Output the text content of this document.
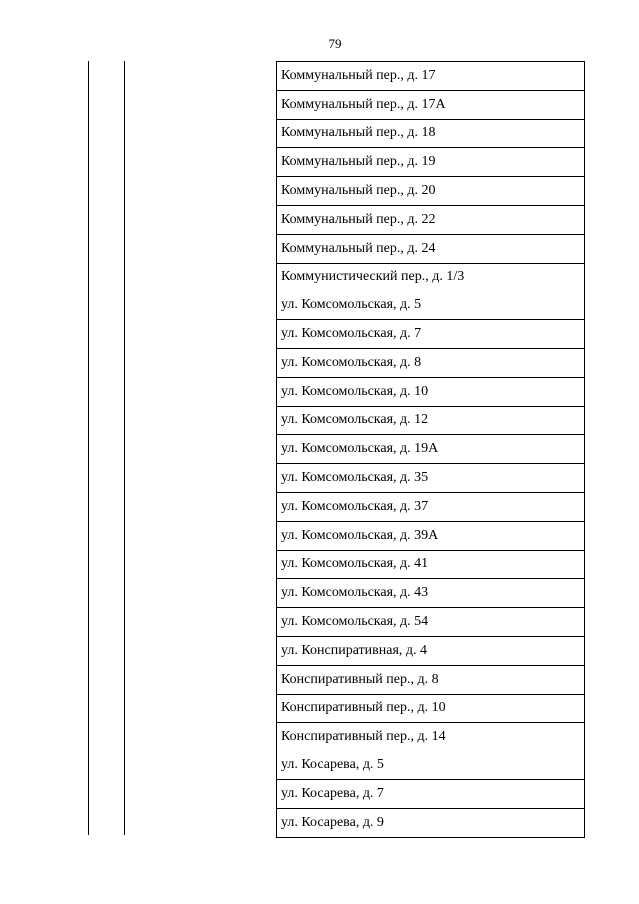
79
Коммунальный пер., д. 17
Коммунальный пер., д. 17А
Коммунальный пер., д. 18
Коммунальный пер., д. 19
Коммунальный пер., д. 20
Коммунальный пер., д. 22
Коммунальный пер., д. 24
Коммунистический пер., д. 1/3
ул. Комсомольская, д. 5
ул. Комсомольская, д. 7
ул. Комсомольская, д. 8
ул. Комсомольская, д. 10
ул. Комсомольская, д. 12
ул. Комсомольская, д. 19А
ул. Комсомольская, д. 35
ул. Комсомольская, д. 37
ул. Комсомольская, д. 39А
ул. Комсомольская, д. 41
ул. Комсомольская, д. 43
ул. Комсомольская, д. 54
ул. Конспиративная, д. 4
Конспиративный пер., д. 8
Конспиративный пер., д. 10
Конспиративный пер., д. 14
ул. Косарева, д. 5
ул. Косарева, д. 7
ул. Косарева, д. 9
